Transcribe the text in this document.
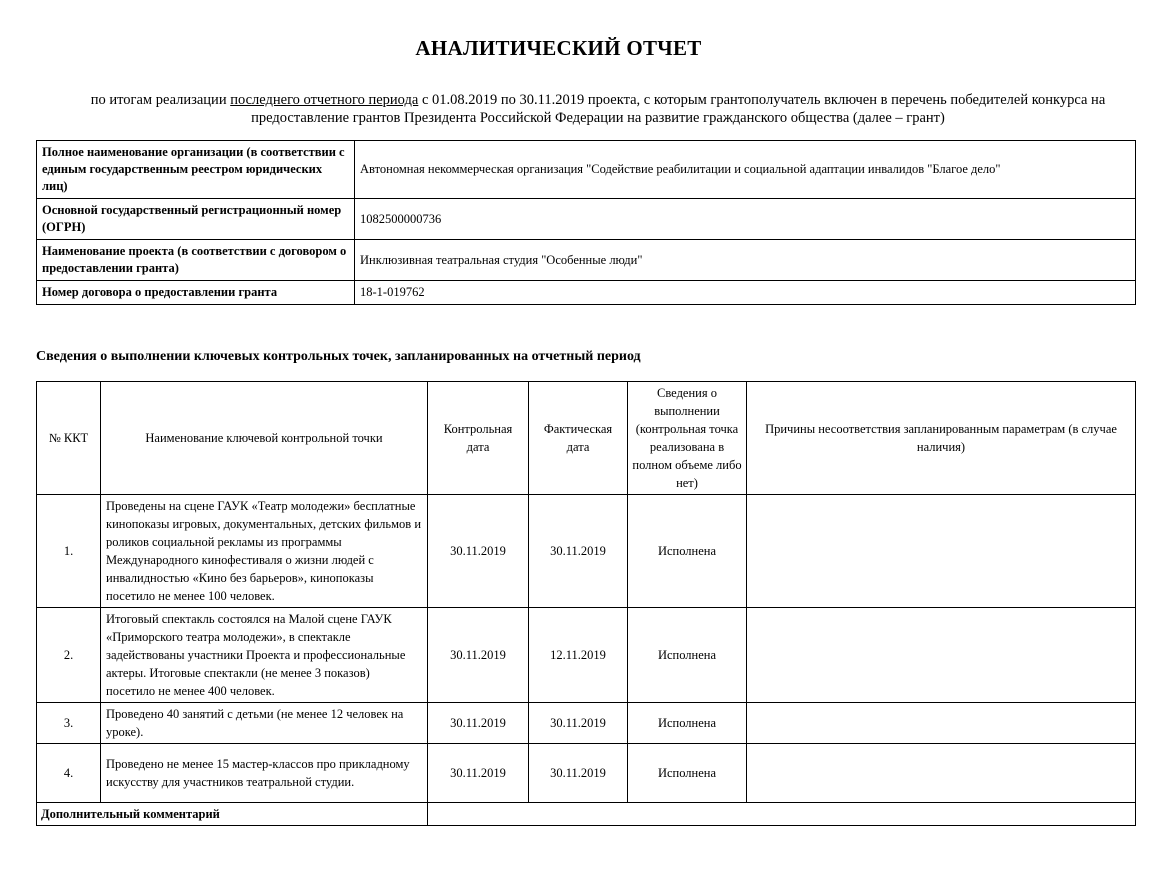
АНАЛИТИЧЕСКИЙ ОТЧЕТ
по итогам реализации последнего отчетного периода с 01.08.2019 по 30.11.2019 проекта, с которым грантополучатель включен в перечень победителей конкурса на предоставление грантов Президента Российской Федерации на развитие гражданского общества (далее – грант)
Полное наименование организации (в соответствии с единым государственным реестром юридических лиц)	Автономная некоммерческая организация "Содействие реабилитации и социальной адаптации инвалидов "Благое дело"
Основной государственный регистрационный номер (ОГРН)	1082500000736
Наименование проекта (в соответствии с договором о предоставлении гранта)	Инклюзивная театральная студия "Особенные люди"
Номер договора о предоставлении гранта	18-1-019762
Сведения о выполнении ключевых контрольных точек, запланированных на отчетный период
№ ККТ	Наименование ключевой контрольной точки	Контрольная дата	Фактическая дата	Сведения о выполнении (контрольная точка реализована в полном объеме либо нет)	Причины несоответствия запланированным параметрам (в случае наличия)
1.	Проведены на сцене ГАУК «Театр молодежи» бесплатные кинопоказы игровых, документальных, детских фильмов и роликов социальной рекламы из программы Международного кинофестиваля о жизни людей с инвалидностью «Кино без барьеров», кинопоказы посетило не менее 100 человек.	30.11.2019	30.11.2019	Исполнена	
2.	Итоговый спектакль состоялся на Малой сцене ГАУК «Приморского театра молодежи», в спектакле задействованы участники Проекта и профессиональные актеры. Итоговые спектакли (не менее 3 показов) посетило не менее 400 человек.	30.11.2019	12.11.2019	Исполнена	
3.	Проведено 40 занятий с детьми (не менее 12 человек на уроке).	30.11.2019	30.11.2019	Исполнена	
4.	Проведено не менее 15 мастер-классов про прикладному искусству для участников театральной студии.	30.11.2019	30.11.2019	Исполнена	
Дополнительный комментарий					
